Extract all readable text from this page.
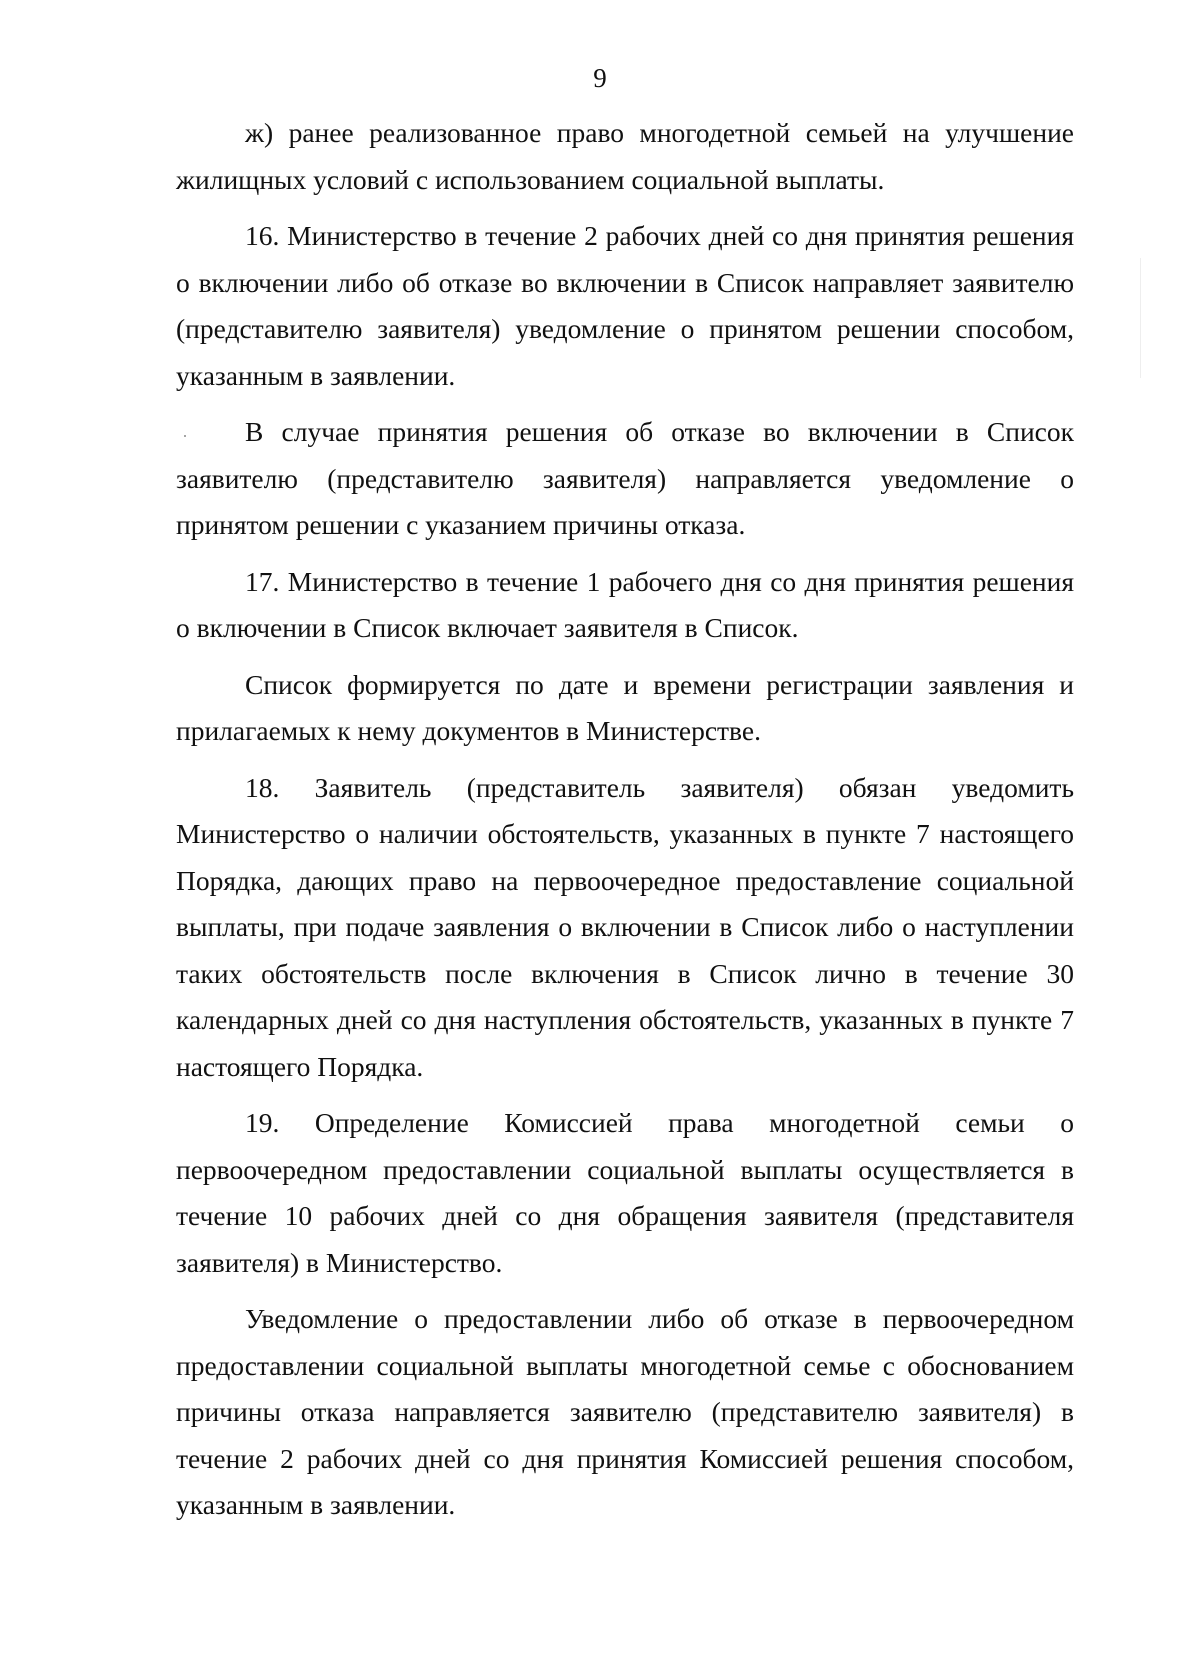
9

ж) ранее реализованное право многодетной семьей на улучшение жилищных условий с использованием социальной выплаты.

16. Министерство в течение 2 рабочих дней со дня принятия решения о включении либо об отказе во включении в Список направляет заявителю (представителю заявителя) уведомление о принятом решении способом, указанным в заявлении.

В случае принятия решения об отказе во включении в Список заявителю (представителю заявителя) направляется уведомление о принятом решении с указанием причины отказа.

17. Министерство в течение 1 рабочего дня со дня принятия решения о включении в Список включает заявителя в Список.

Список формируется по дате и времени регистрации заявления и прилагаемых к нему документов в Министерстве.

18. Заявитель (представитель заявителя) обязан уведомить Министерство о наличии обстоятельств, указанных в пункте 7 настоящего Порядка, дающих право на первоочередное предоставление социальной выплаты, при подаче заявления о включении в Список либо о наступлении таких обстоятельств после включения в Список лично в течение 30 календарных дней со дня наступления обстоятельств, указанных в пункте 7 настоящего Порядка.

19. Определение Комиссией права многодетной семьи о первоочередном предоставлении социальной выплаты осуществляется в течение 10 рабочих дней со дня обращения заявителя (представителя заявителя) в Министерство.

Уведомление о предоставлении либо об отказе в первоочередном предоставлении социальной выплаты многодетной семье с обоснованием причины отказа направляется заявителю (представителю заявителя) в течение 2 рабочих дней со дня принятия Комиссией решения способом, указанным в заявлении.
